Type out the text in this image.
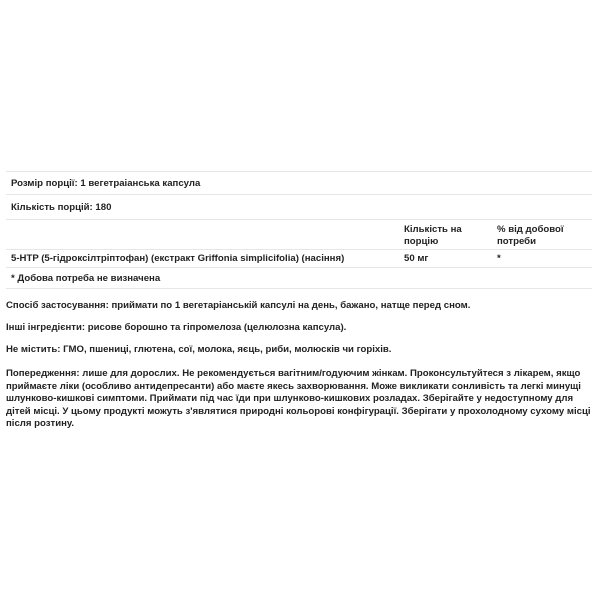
Розмір порції: 1 вегетраіанська капсула
Кількість порцій: 180
Кількість на порцію
% від добової потреби
5-HTP (5-гідроксілтріптофан) (екстракт Griffonia simplicifolia) (насіння)	50 мг	*
* Добова потреба не визначена

Спосіб застосування: приймати по 1 вегетаріанській капсулі на день, бажано, натще перед сном.

Інші інгредієнти: рисове борошно та гіпромелоза (целюлозна капсула).

Не містить: ГМО, пшениці, глютена, сої, молока, яєць, риби, молюсків чи горіхів.

Попередження: лише для дорослих. Не рекомендується вагітним/годуючим жінкам. Проконсультуйтеся з лікарем, якщо приймаєте ліки (особливо антидепресанти) або маєте якесь захворювання. Може викликати сонливість та легкі минущі шлунково-кишкові симптоми. Приймати під час їди при шлунково-кишкових розладах. Зберігайте у недоступному для дітей місці. У цьому продукті можуть з'являтися природні кольорові конфігурації. Зберігати у прохолодному сухому місці після розтину.
